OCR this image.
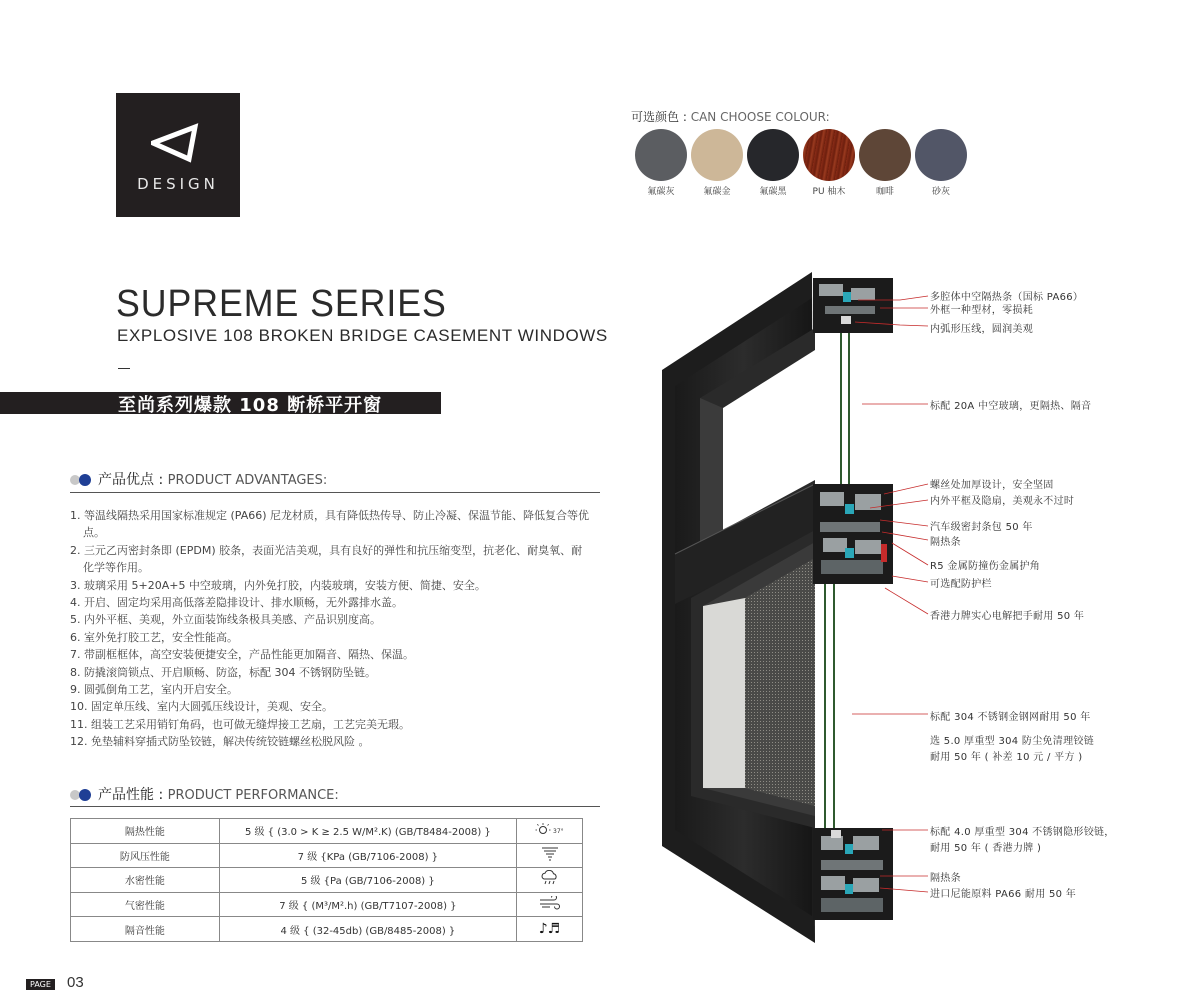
DESIGN
可选颜色 : CAN CHOOSE COLOUR:
氟碳灰	氟碳金	氟碳黑	PU 柚木	咖啡	砂灰
SUPREME SERIES
EXPLOSIVE 108 BROKEN BRIDGE CASEMENT WINDOWS
至尚系列爆款 108 断桥平开窗
产品优点 : PRODUCT ADVANTAGES:
1. 等温线隔热采用国家标准规定 (PA66) 尼龙材质，具有降低热传导、防止冷凝、保温节能、降低复合等优点。
2. 三元乙丙密封条即 (EPDM) 胶条，表面光洁美观，具有良好的弹性和抗压缩变型，抗老化、耐臭氧、耐化学等作用。
3. 玻璃采用 5+20A+5 中空玻璃，内外免打胶，内装玻璃，安装方便、简捷、安全。
4. 开启、固定均采用高低落差隐排设计、排水顺畅，无外露排水盖。
5. 内外平框、美观，外立面装饰线条极具美感、产品识别度高。
6. 室外免打胶工艺，安全性能高。
7. 带副框框体，高空安装便捷安全，产品性能更加隔音、隔热、保温。
8. 防撬滚筒锁点、开启顺畅、防盗，标配 304 不锈钢防坠链。
9. 圆弧倒角工艺，室内开启安全。
10. 固定单压线、室内大圆弧压线设计，美观、安全。
11. 组装工艺采用销钉角码，也可做无缝焊接工艺扇，工艺完美无瑕。
12. 免垫辅料穿插式防坠铰链，解决传统铰链螺丝松脱风险 。
产品性能 : PRODUCT PERFORMANCE:
隔热性能	5 级 { (3.0 > K ≥ 2.5 W/M².K) (GB/T8484-2008) }	37°

防风压性能	7 级 {KPa (GB/7106-2008) }	
水密性能	5 级 {Pa (GB/7106-2008) }	
气密性能	7 级 { (M³/M².h) (GB/T7107-2008) }	
隔音性能	4 级 { (32-45db) (GB/8485-2008) }	♪♬
PAGE 03
多腔体中空隔热条（国标 PA66）
外框一种型材，零损耗
内弧形压线，圆润美观
标配 20A 中空玻璃，更隔热、隔音
螺丝处加厚设计，安全坚固
内外平框及隐扇，美观永不过时
汽车级密封条包 50 年
隔热条
R5 金属防撞伤金属护角
可选配防护栏
香港力牌实心电解把手耐用 50 年
标配 304 不锈钢金钢网耐用 50 年
选 5.0 厚重型 304 防尘免清理铰链
耐用 50 年 ( 补差 10 元 / 平方 )
标配 4.0 厚重型 304 不锈钢隐形铰链，
耐用 50 年 ( 香港力牌 )
隔热条
进口尼能原料 PA66 耐用 50 年
